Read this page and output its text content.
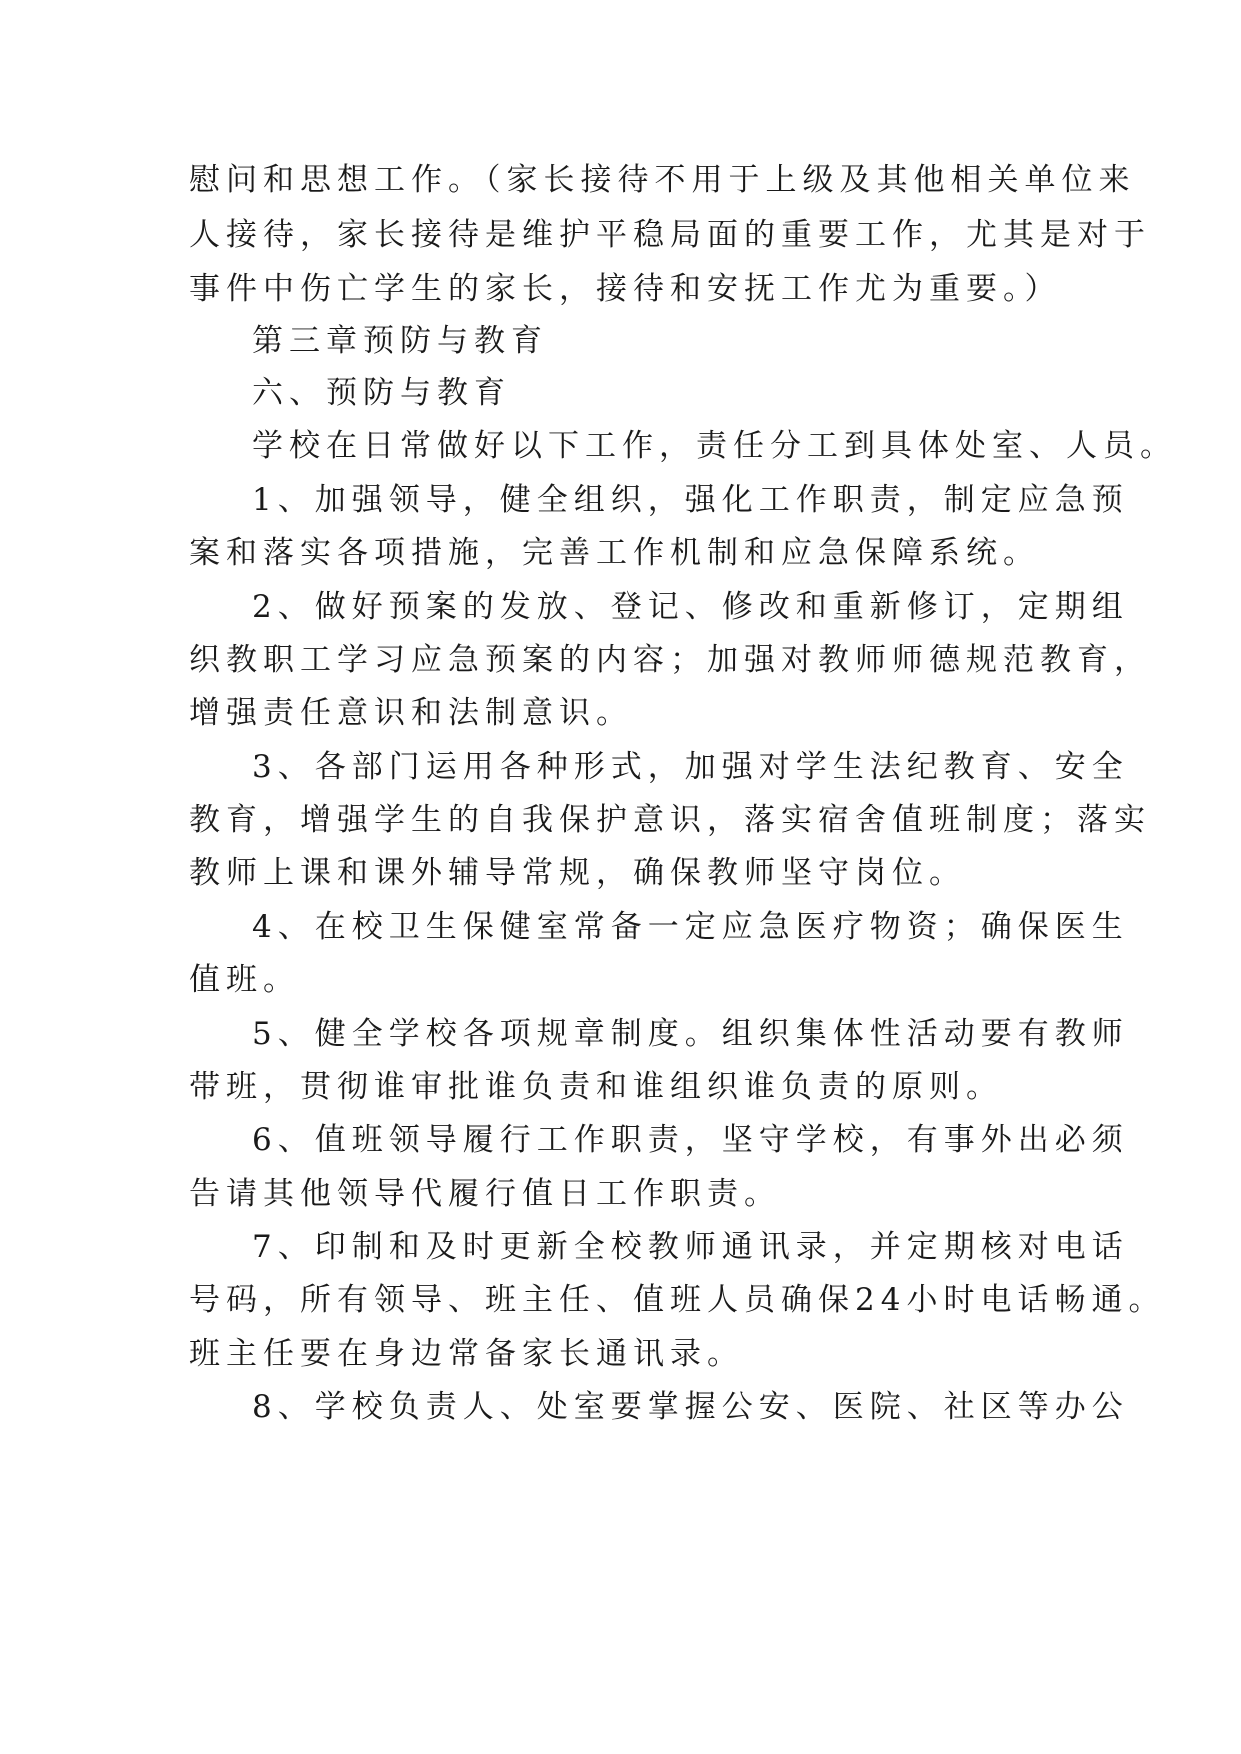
慰问和思想工作。（家长接待不用于上级及其他相关单位来
人接待，家长接待是维护平稳局面的重要工作，尤其是对于
事件中伤亡学生的家长，接待和安抚工作尤为重要。）
第三章预防与教育
六、预防与教育
学校在日常做好以下工作，责任分工到具体处室、人员。
1、加强领导，健全组织，强化工作职责，制定应急预
案和落实各项措施，完善工作机制和应急保障系统。
2、做好预案的发放、登记、修改和重新修订，定期组
织教职工学习应急预案的内容；加强对教师师德规范教育，
增强责任意识和法制意识。
3、各部门运用各种形式，加强对学生法纪教育、安全
教育，增强学生的自我保护意识，落实宿舍值班制度；落实
教师上课和课外辅导常规，确保教师坚守岗位。
4、在校卫生保健室常备一定应急医疗物资；确保医生
值班。
5、健全学校各项规章制度。组织集体性活动要有教师
带班，贯彻谁审批谁负责和谁组织谁负责的原则。
6、值班领导履行工作职责，坚守学校，有事外出必须
告请其他领导代履行值日工作职责。
7、印制和及时更新全校教师通讯录，并定期核对电话
号码，所有领导、班主任、值班人员确保24小时电话畅通。
班主任要在身边常备家长通讯录。
8、学校负责人、处室要掌握公安、医院、社区等办公
